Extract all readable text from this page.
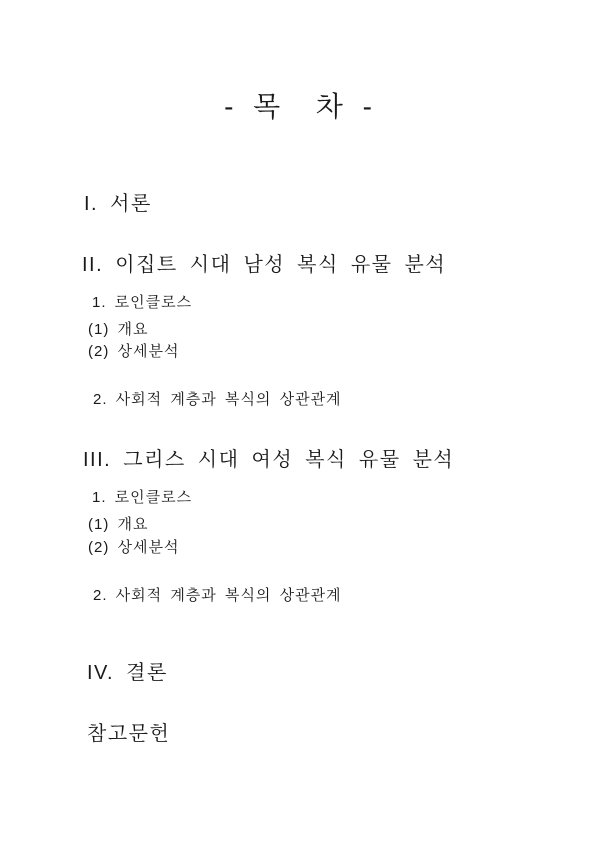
- 목  차 -
I. 서론
II. 이집트 시대 남성 복식 유물 분석
1. 로인클로스
(1) 개요
(2) 상세분석
2. 사회적 계층과 복식의 상관관계
III. 그리스 시대 여성 복식 유물 분석
1. 로인클로스
(1) 개요
(2) 상세분석
2. 사회적 계층과 복식의 상관관계
IV. 결론
참고문헌
